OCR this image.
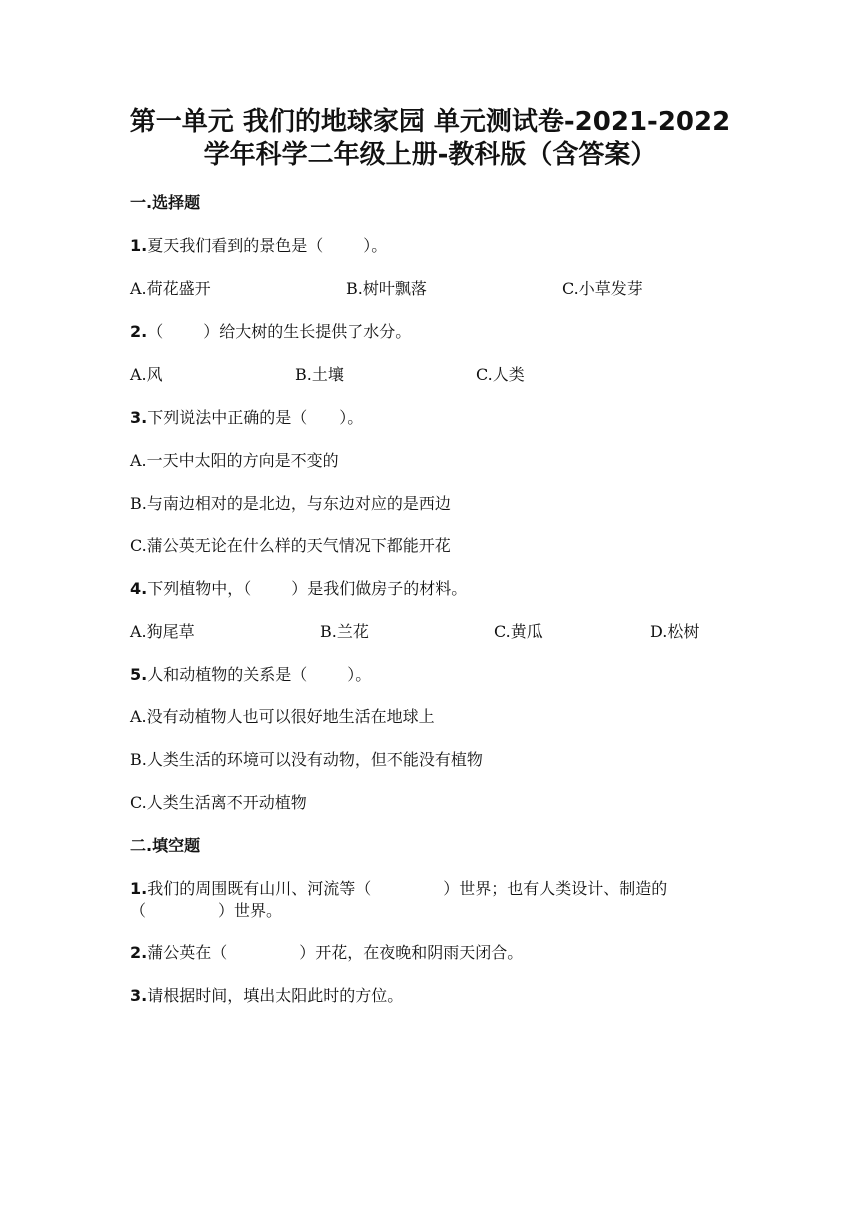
第一单元 我们的地球家园 单元测试卷-2021-2022
学年科学二年级上册-教科版（含答案）
一.选择题
1.夏天我们看到的景色是（	）。
A.荷花盛开	B.树叶飘落	C.小草发芽
2.（	）给大树的生长提供了水分。
A.风	B.土壤	C.人类
3.下列说法中正确的是（ ）。
A.一天中太阳的方向是不变的
B.与南边相对的是北边，与东边对应的是西边
C.蒲公英无论在什么样的天气情况下都能开花
4.下列植物中，（	）是我们做房子的材料。
A.狗尾草	B.兰花	C.黄瓜	D.松树
5.人和动植物的关系是（	）。
A.没有动植物人也可以很好地生活在地球上
B.人类生活的环境可以没有动物，但不能没有植物
C.人类生活离不开动植物
二.填空题
1.我们的周围既有山川、河流等（	）世界；也有人类设计、制造的
（	）世界。
2.蒲公英在（	）开花，在夜晚和阴雨天闭合。
3.请根据时间，填出太阳此时的方位。
